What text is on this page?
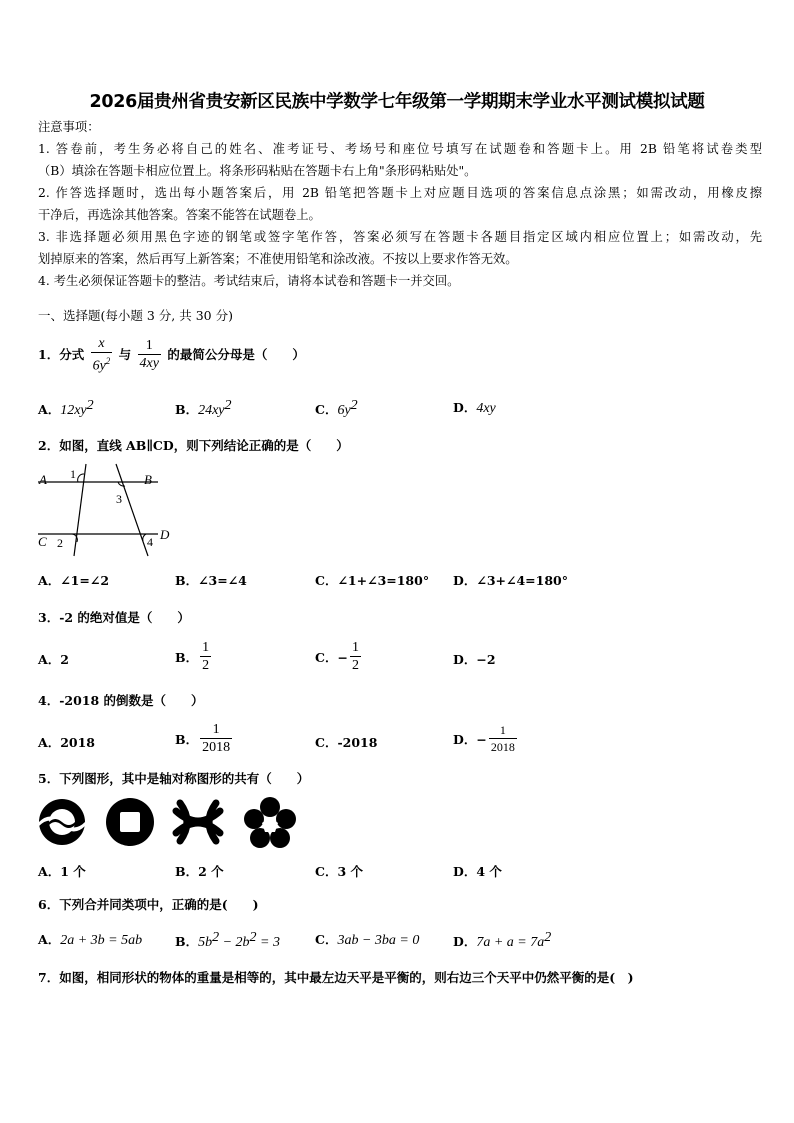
2026届贵州省贵安新区民族中学数学七年级第一学期期末学业水平测试模拟试题
注意事项：
1. 答卷前，考生务必将自己的姓名、准考证号、考场号和座位号填写在试题卷和答题卡上。用 2B 铅笔将试卷类型
（B）填涂在答题卡相应位置上。将条形码粘贴在答题卡右上角"条形码粘贴处"。
2. 作答选择题时，选出每小题答案后，用 2B 铅笔把答题卡上对应题目选项的答案信息点涂黑；如需改动，用橡皮擦
干净后，再选涂其他答案。答案不能答在试题卷上。
3. 非选择题必须用黑色字迹的钢笔或签字笔作答，答案必须写在答题卡各题目指定区域内相应位置上；如需改动，先
划掉原来的答案，然后再写上新答案；不准使用铅笔和涂改液。不按以上要求作答无效。
4. 考生必须保证答题卡的整洁。考试结束后，请将本试卷和答题卡一并交回。
一、选择题(每小题 3 分, 共 30 分)
1．分式 $\frac{x}{6y^2}$ 与 $\frac{1}{4xy}$ 的最简公分母是（　　）
A．$12xy^2$	B．$24xy^2$	C．$6y^2$	D．4xy
2．如图，直线 AB∥CD，则下列结论正确的是（　　）
A	B
C	D
1
2
3
4
A．∠1=∠2	B．∠3=∠4	C．∠1+∠3=180° D．∠3+∠4=180°
3．-2 的绝对值是（　　）
A．2	B． $\frac{1}{2}$	C．− $\frac{1}{2}$	D．−2
4．-2018 的倒数是（　　）
A．2018	B． $\frac{1}{2018}$	C．-2018	D．− $\frac{1}{2018}$
5．下列图形，其中是轴对称图形的共有（　　）
A．1 个	B．2 个	C．3 个	D．4 个
6．下列合并同类项中，正确的是(　　)
A．2a + 3b = 5ab	B．$5b^2 - 2b^2 = 3$	C．3ab − 3ba = 0	D．$7a + a = 7a^2$
7．如图，相同形状的物体的重量是相等的，其中最左边天平是平衡的，则右边三个天平中仍然平衡的是(　)
